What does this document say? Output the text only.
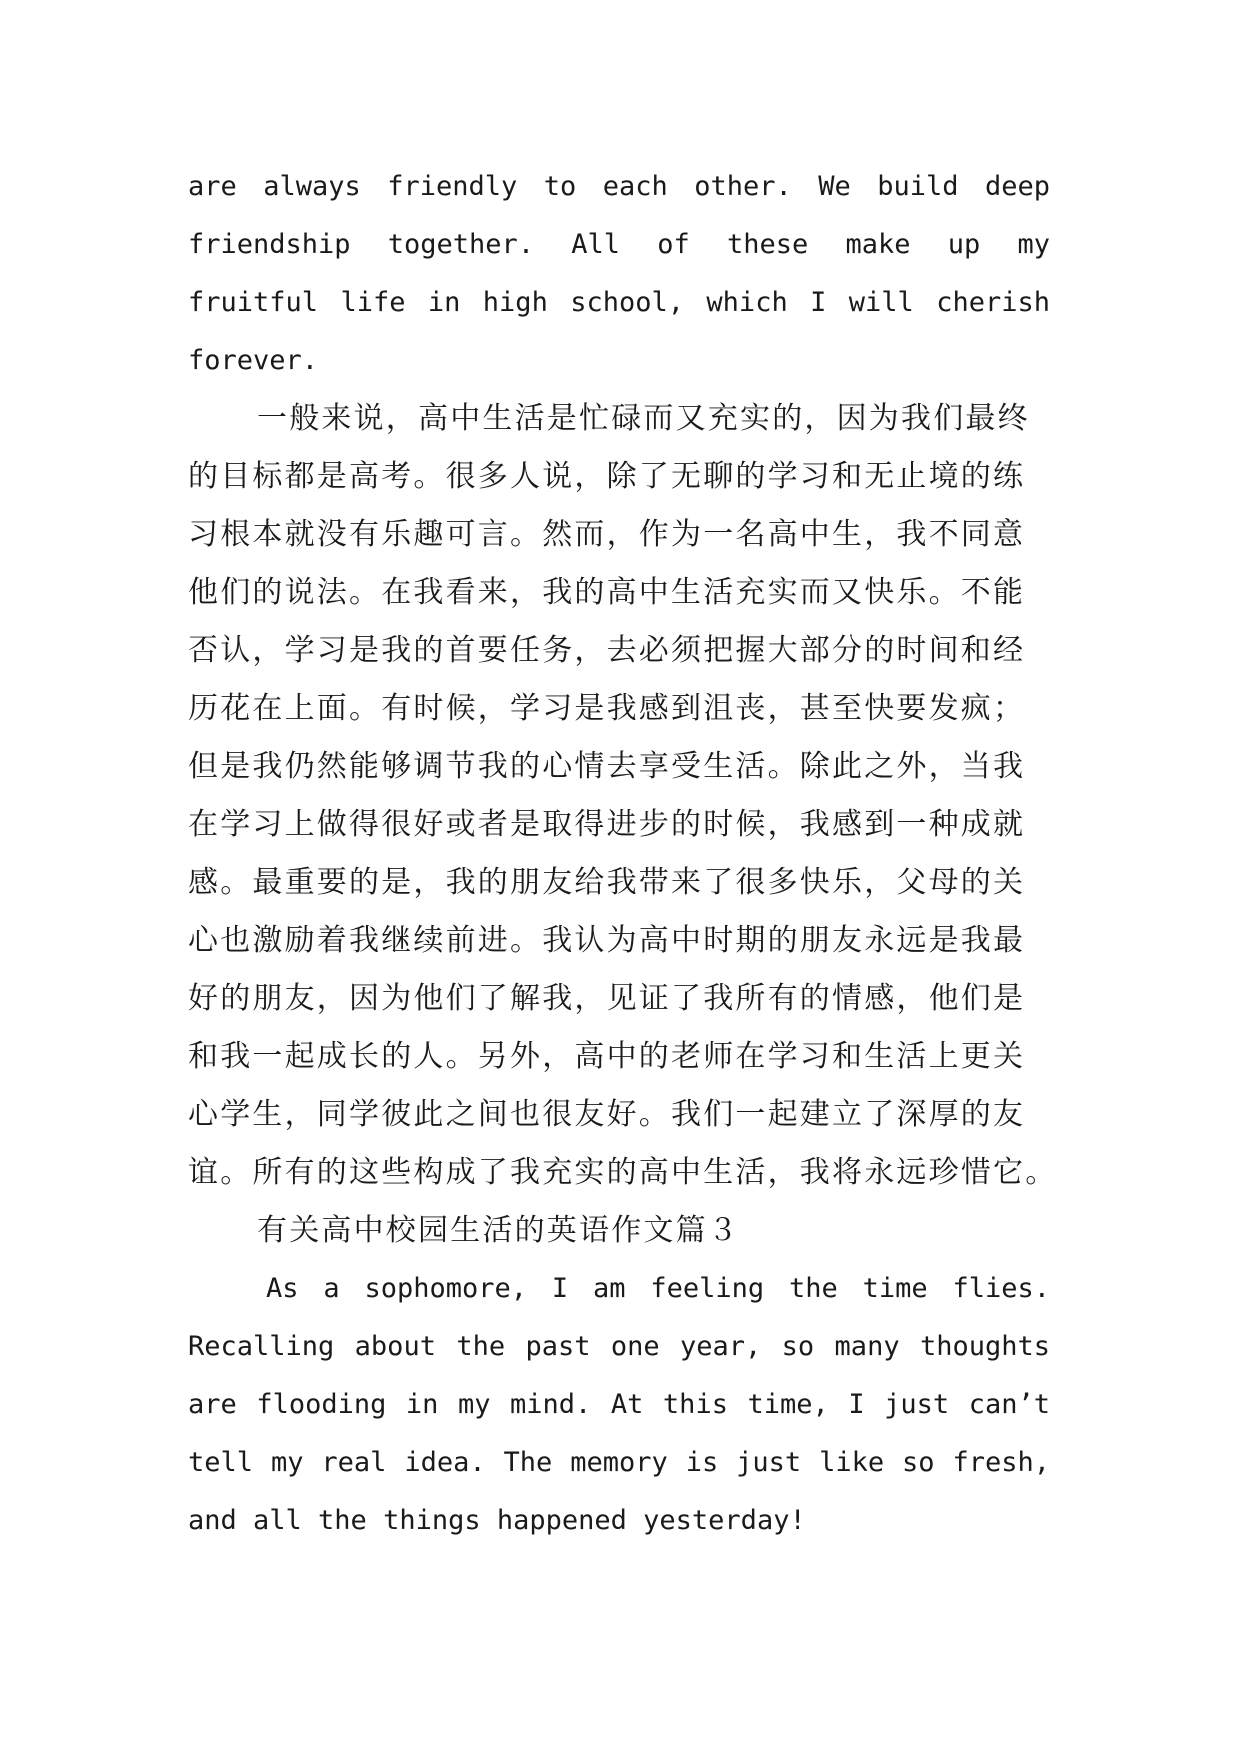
are always friendly to each other. We build deep
friendship together. All of these make up my
fruitful life in high school, which I will cherish
forever.
一般来说，高中生活是忙碌而又充实的，因为我们最终
的目标都是高考。很多人说，除了无聊的学习和无止境的练
习根本就没有乐趣可言。然而，作为一名高中生，我不同意
他们的说法。在我看来，我的高中生活充实而又快乐。不能
否认，学习是我的首要任务，去必须把握大部分的时间和经
历花在上面。有时候，学习是我感到沮丧，甚至快要发疯；
但是我仍然能够调节我的心情去享受生活。除此之外，当我
在学习上做得很好或者是取得进步的时候，我感到一种成就
感。最重要的是，我的朋友给我带来了很多快乐，父母的关
心也激励着我继续前进。我认为高中时期的朋友永远是我最
好的朋友，因为他们了解我，见证了我所有的情感，他们是
和我一起成长的人。另外，高中的老师在学习和生活上更关
心学生，同学彼此之间也很友好。我们一起建立了深厚的友
谊。所有的这些构成了我充实的高中生活，我将永远珍惜它。
有关高中校园生活的英语作文篇３
As a sophomore, I am feeling the time flies.
Recalling about the past one year, so many thoughts
are flooding in my mind. At this time, I just can’t
tell my real idea. The memory is just like so fresh,
and all the things happened yesterday!
